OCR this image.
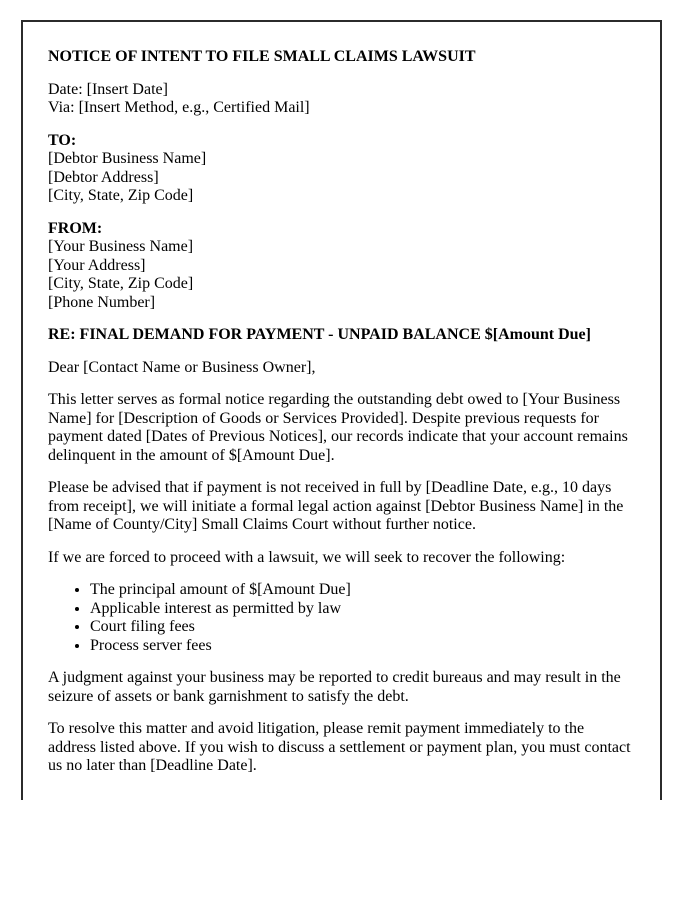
NOTICE OF INTENT TO FILE SMALL CLAIMS LAWSUIT

Date: [Insert Date]

Via: [Insert Method, e.g., Certified Mail]

TO:

[Debtor Business Name]

[Debtor Address]

[City, State, Zip Code]

FROM:

[Your Business Name]

[Your Address]

[City, State, Zip Code]

[Phone Number]

RE: FINAL DEMAND FOR PAYMENT - UNPAID BALANCE $[Amount Due]

Dear [Contact Name or Business Owner],

This letter serves as formal notice regarding the outstanding debt owed to [Your Business Name] for [Description of Goods or Services Provided]. Despite previous requests for payment dated [Dates of Previous Notices], our records indicate that your account remains delinquent in the amount of $[Amount Due].

Please be advised that if payment is not received in full by [Deadline Date, e.g., 10 days from receipt], we will initiate a formal legal action against [Debtor Business Name] in the [Name of County/City] Small Claims Court without further notice.

If we are forced to proceed with a lawsuit, we will seek to recover the following:

• The principal amount of $[Amount Due]
• Applicable interest as permitted by law
• Court filing fees
• Process server fees

A judgment against your business may be reported to credit bureaus and may result in the seizure of assets or bank garnishment to satisfy the debt.

To resolve this matter and avoid litigation, please remit payment immediately to the address listed above. If you wish to discuss a settlement or payment plan, you must contact us no later than [Deadline Date].
